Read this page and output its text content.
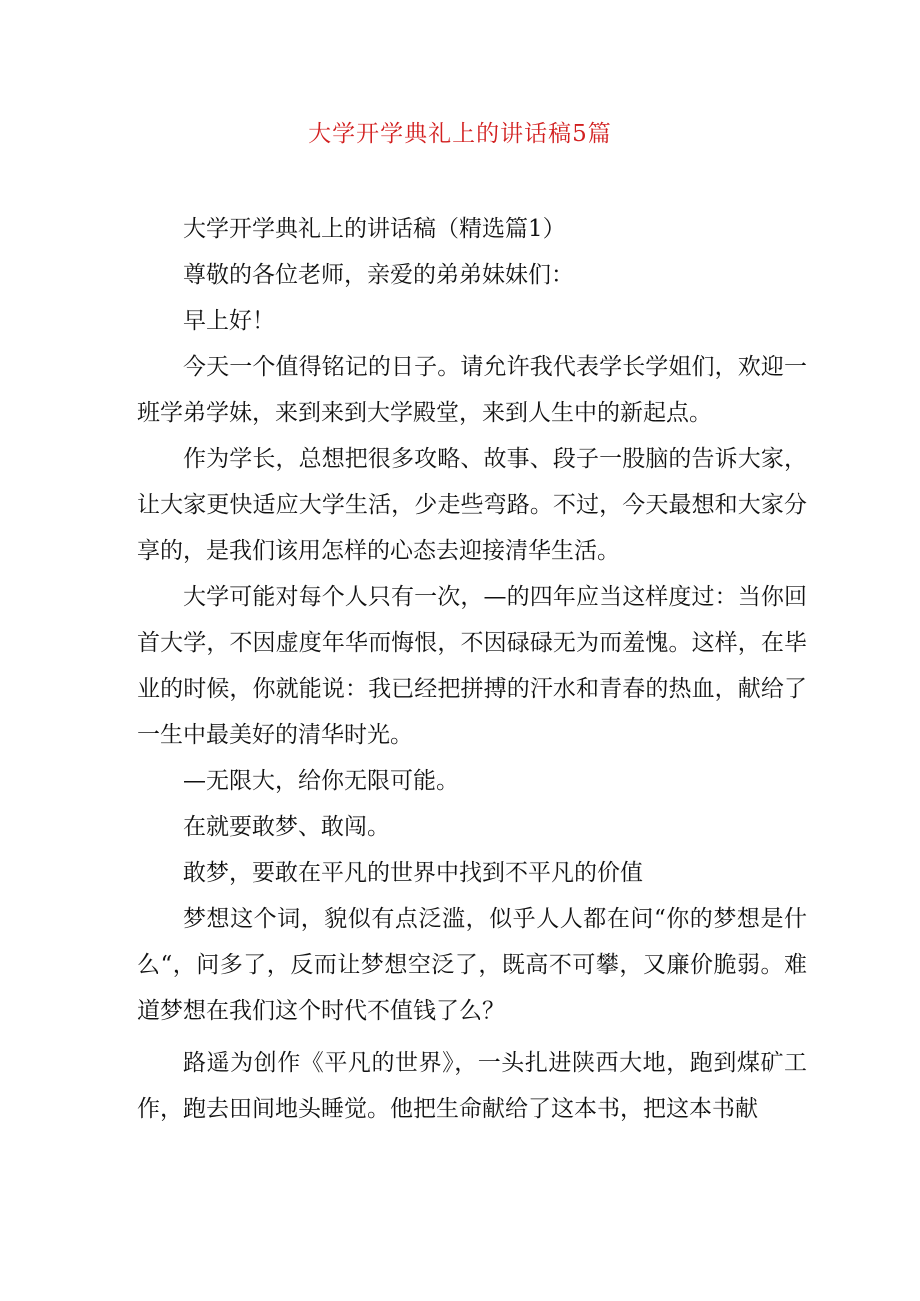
大学开学典礼上的讲话稿5篇

大学开学典礼上的讲话稿（精选篇1）

尊敬的各位老师，亲爱的弟弟妹妹们：

早上好！

今天一个值得铭记的日子。请允许我代表学长学姐们，欢迎一班学弟学妹，来到来到大学殿堂，来到人生中的新起点。

作为学长，总想把很多攻略、故事、段子一股脑的告诉大家，让大家更快适应大学生活，少走些弯路。不过，今天最想和大家分享的，是我们该用怎样的心态去迎接清华生活。

大学可能对每个人只有一次，—的四年应当这样度过：当你回首大学，不因虚度年华而悔恨，不因碌碌无为而羞愧。这样，在毕业的时候，你就能说：我已经把拼搏的汗水和青春的热血，献给了一生中最美好的清华时光。

—无限大，给你无限可能。

在就要敢梦、敢闯。

敢梦，要敢在平凡的世界中找到不平凡的价值

梦想这个词，貌似有点泛滥，似乎人人都在问“你的梦想是什么“，问多了，反而让梦想空泛了，既高不可攀，又廉价脆弱。难道梦想在我们这个时代不值钱了么？

路遥为创作《平凡的世界》，一头扎进陕西大地，跑到煤矿工作，跑去田间地头睡觉。他把生命献给了这本书，把这本书献
